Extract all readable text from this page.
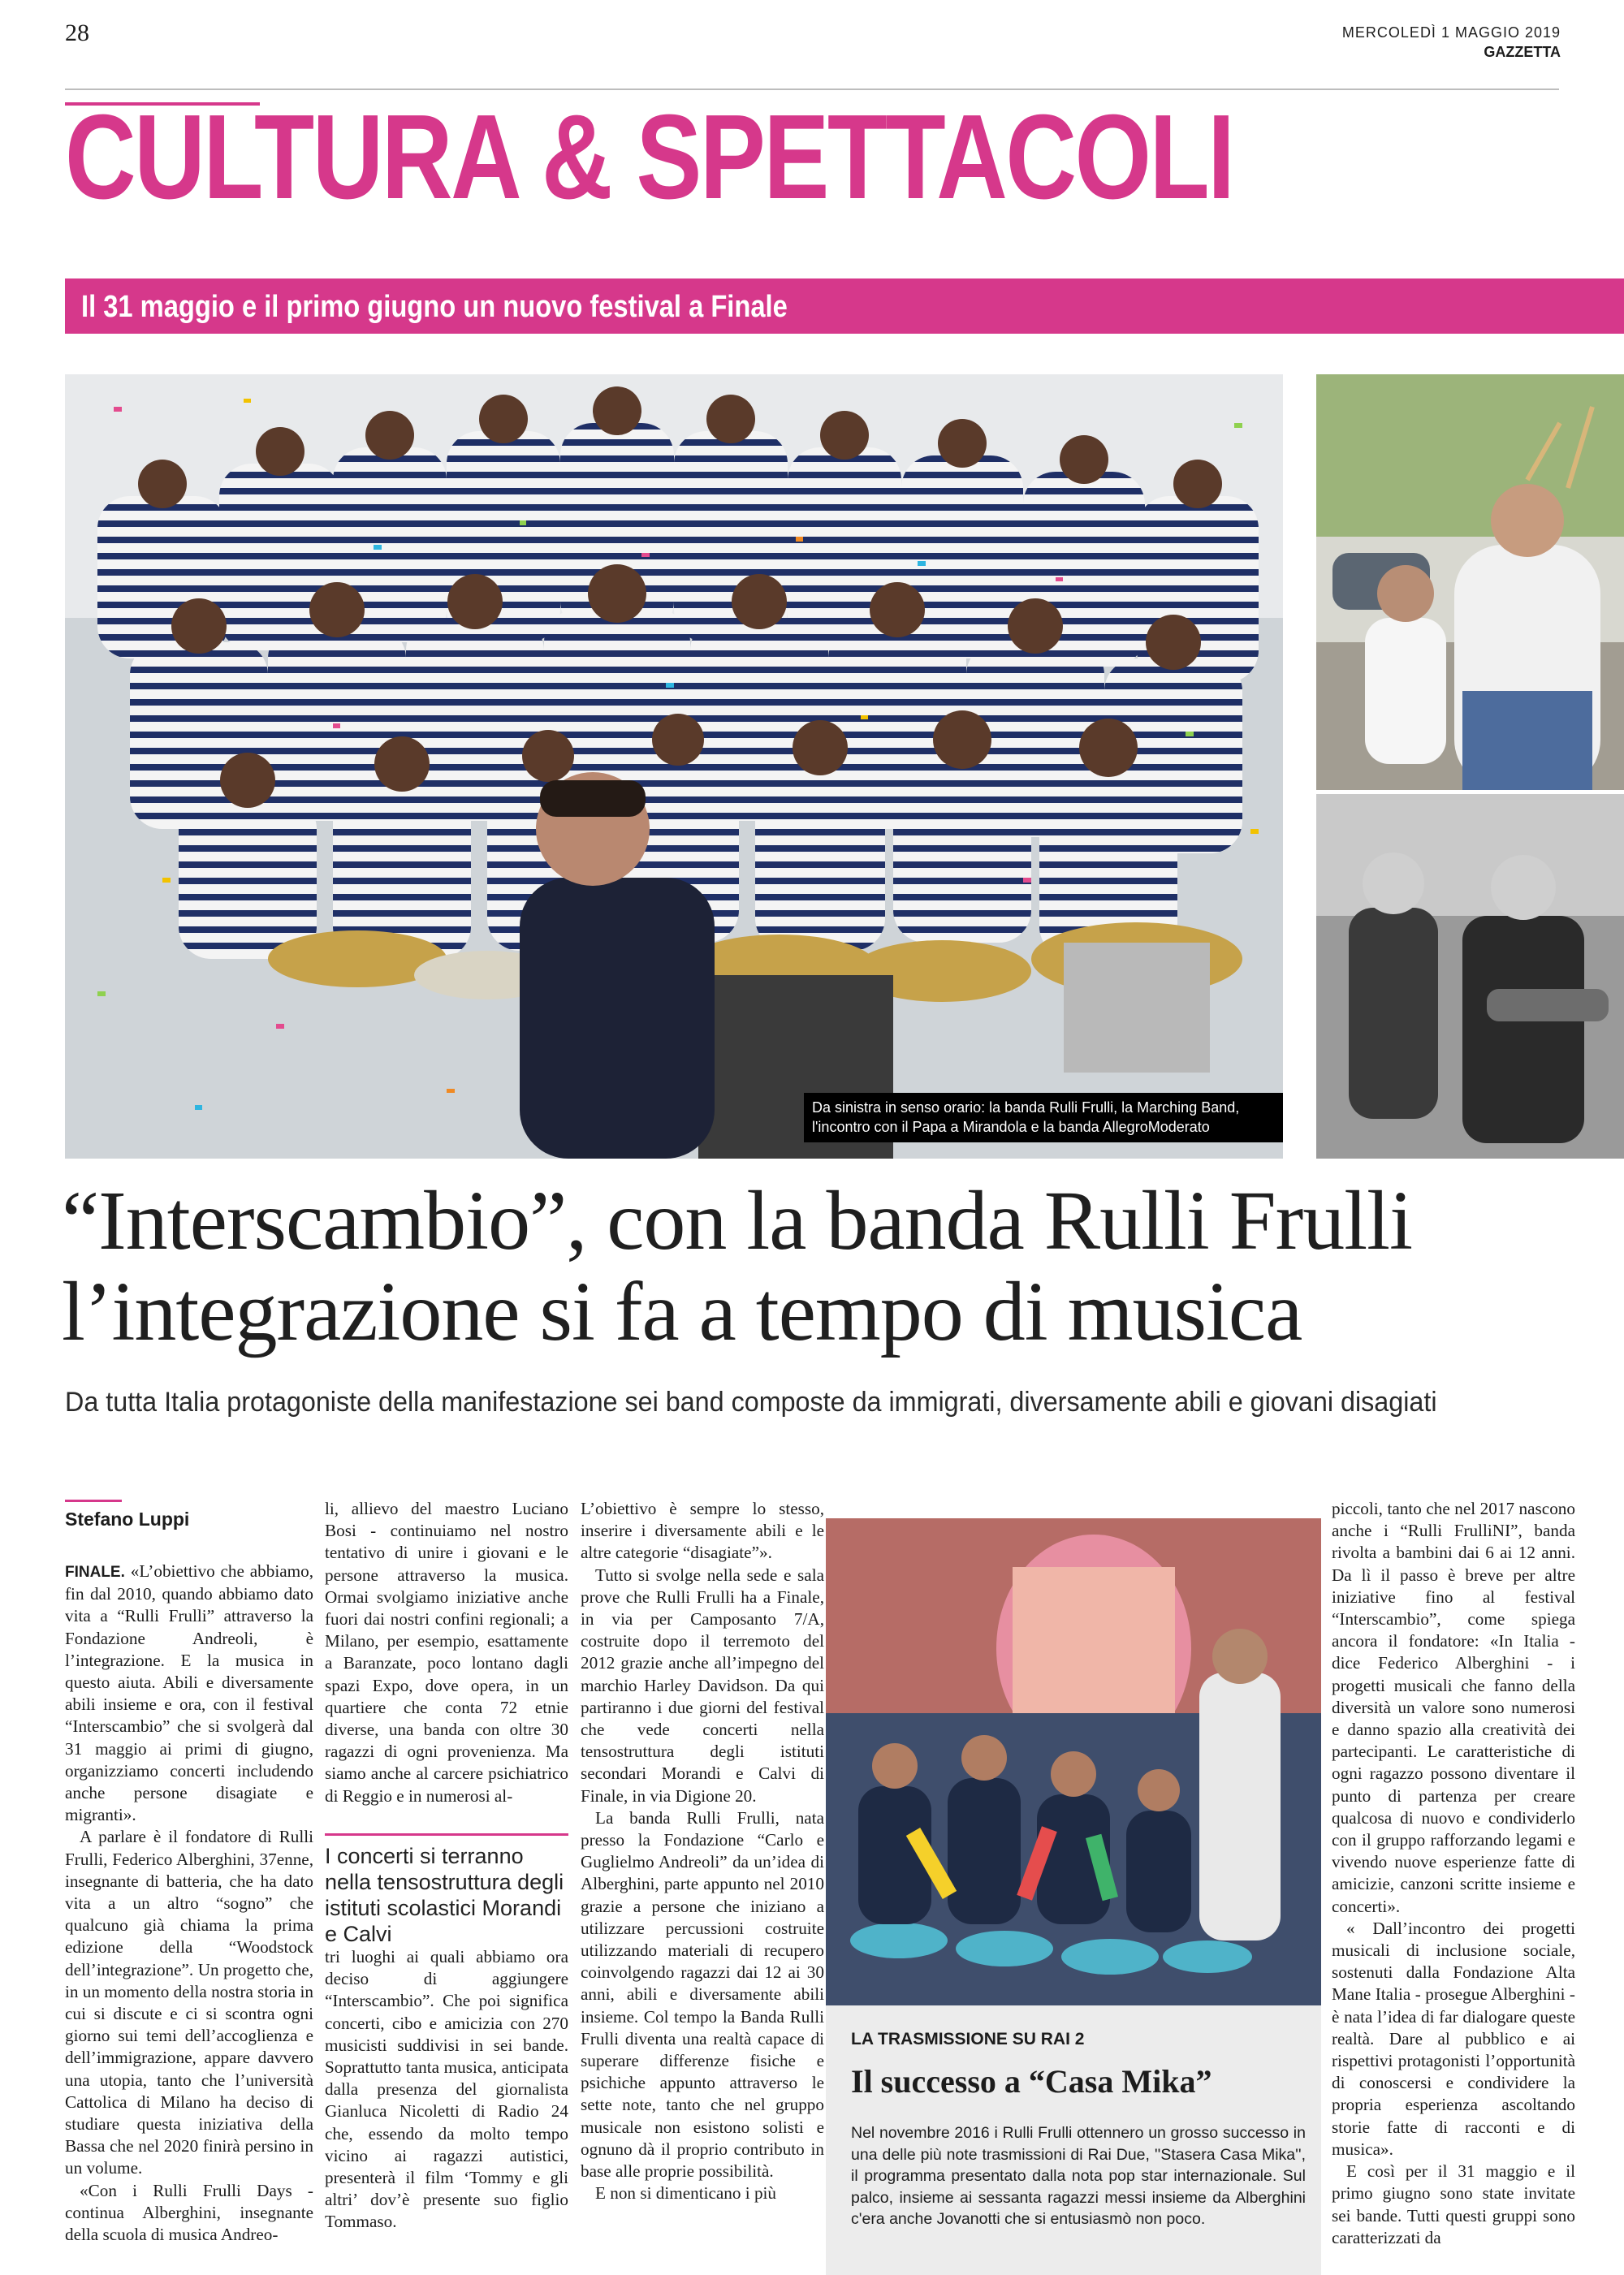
28	MERCOLEDÌ 1 MAGGIO 2019
GAZZETTA
CULTURA & SPETTACOLI
Il 31 maggio e il primo giugno un nuovo festival a Finale
Da sinistra in senso orario: la banda Rulli Frulli, la Marching Band,
l'incontro con il Papa a Mirandola e la banda AllegroModerato
“Interscambio”, con la banda Rulli Frulli
l’integrazione si fa a tempo di musica
Da tutta Italia protagoniste della manifestazione sei band composte da immigrati, diversamente abili e giovani disagiati
Stefano Luppi

FINALE. «L’obiettivo che abbiamo, fin dal 2010, quando abbiamo dato vita a “Rulli Frulli” attraverso la Fondazione Andreoli, è l’integrazione. E la musica in questo aiuta. Abili e diversamente abili insieme e ora, con il festival “Interscambio” che si svolgerà dal 31 maggio ai primi di giugno, organizziamo concerti includendo anche persone disagiate e migranti».

A parlare è il fondatore di Rulli Frulli, Federico Alberghini, 37enne, insegnante di batteria, che ha dato vita a un altro “sogno” che qualcuno già chiama la prima edizione della “Woodstock dell’integrazione”. Un progetto che, in un momento della nostra storia in cui si discute e ci si scontra ogni giorno sui temi dell’accoglienza e dell’immigrazione, appare davvero una utopia, tanto che l’università Cattolica di Milano ha deciso di studiare questa iniziativa della Bassa che nel 2020 finirà persino in un volume.

«Con i Rulli Frulli Days - continua Alberghini, insegnante della scuola di musica Andreo-

li, allievo del maestro Luciano Bosi - continuiamo nel nostro tentativo di unire i giovani e le persone attraverso la musica. Ormai svolgiamo iniziative anche fuori dai nostri confini regionali; a Milano, per esempio, esattamente a Baranzate, poco lontano dagli spazi Expo, dove opera, in un quartiere che conta 72 etnie diverse, una banda con oltre 30 ragazzi di ogni provenienza. Ma siamo anche al carcere psichiatrico di Reggio e in numerosi al-

I concerti si terranno nella tensostruttura degli istituti scolastici Morandi e Calvi

tri luoghi ai quali abbiamo ora deciso di aggiungere “Interscambio”. Che poi significa concerti, cibo e amicizia con 270 musicisti suddivisi in sei bande. Soprattutto tanta musica, anticipata dalla presenza del giornalista Gianluca Nicoletti di Radio 24 che, essendo da molto tempo vicino ai ragazzi autistici, presenterà il film ‘Tommy e gli altri’ dov’è presente suo figlio Tommaso.

L’obiettivo è sempre lo stesso, inserire i diversamente abili e le altre categorie “disagiate”».

Tutto si svolge nella sede e sala prove che Rulli Frulli ha a Finale, in via per Camposanto 7/A, costruite dopo il terremoto del 2012 grazie anche all’impegno del marchio Harley Davidson. Da qui partiranno i due giorni del festival che vede concerti nella tensostruttura degli istituti secondari Morandi e Calvi di Finale, in via Digione 20.

La banda Rulli Frulli, nata presso la Fondazione “Carlo e Guglielmo Andreoli” da un’idea di Alberghini, parte appunto nel 2010 grazie a persone che iniziano a utilizzare percussioni costruite utilizzando materiali di recupero coinvolgendo ragazzi dai 12 ai 30 anni, abili e diversamente abili insieme. Col tempo la Banda Rulli Frulli diventa una realtà capace di superare differenze fisiche e psichiche appunto attraverso le sette note, tanto che nel gruppo musicale non esistono solisti e ognuno dà il proprio contributo in base alle proprie possibilità.

E non si dimenticano i più

LA TRASMISSIONE SU RAI 2
Il successo a “Casa Mika”
Nel novembre 2016 i Rulli Frulli ottennero un grosso successo in una delle più note trasmissioni di Rai Due, ''Stasera Casa Mika'', il programma presentato dalla nota pop star internazionale. Sul palco, insieme ai sessanta ragazzi messi insieme da Alberghini c'era anche Jovanotti che si entusiasmò non poco.

piccoli, tanto che nel 2017 nascono anche i “Rulli FrulliNI”, banda rivolta a bambini dai 6 ai 12 anni. Da lì il passo è breve per altre iniziative fino al festival “Interscambio”, come spiega ancora il fondatore: «In Italia - dice Federico Alberghini - i progetti musicali che fanno della diversità un valore sono numerosi e danno spazio alla creatività dei partecipanti. Le caratteristiche di ogni ragazzo possono diventare il punto di partenza per creare qualcosa di nuovo e condividerlo con il gruppo rafforzando legami e vivendo nuove esperienze fatte di amicizie, canzoni scritte insieme e concerti».

« Dall’incontro dei progetti musicali di inclusione sociale, sostenuti dalla Fondazione Alta Mane Italia - prosegue Alberghini - è nata l’idea di far dialogare queste realtà. Dare al pubblico e ai rispettivi protagonisti l’opportunità di conoscersi e condividere la propria esperienza ascoltando storie fatte di racconti e di musica».

E così per il 31 maggio e il primo giugno sono state invitate sei bande. Tutti questi gruppi sono caratterizzati da
